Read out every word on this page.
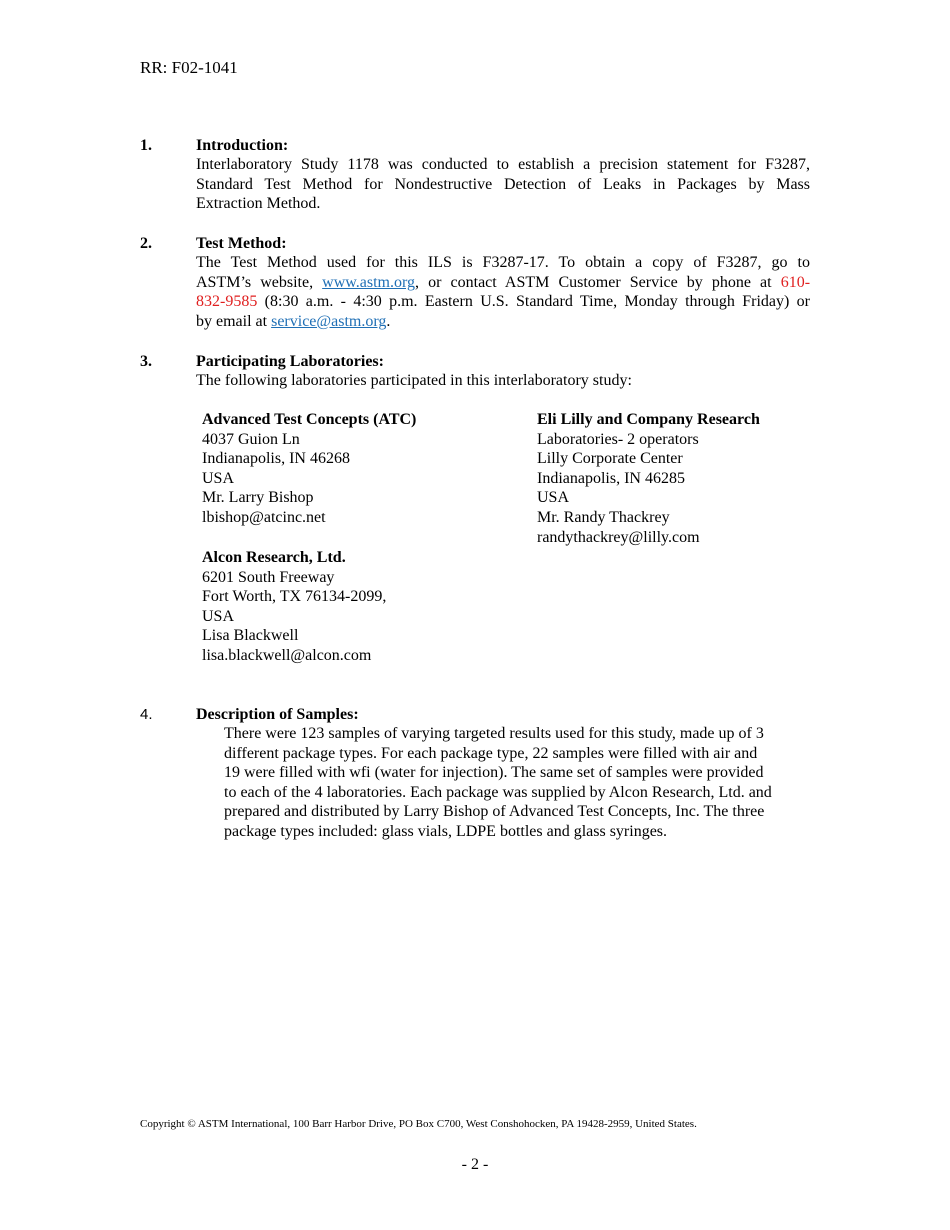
RR: F02-1041
1.	Introduction:
Interlaboratory Study 1178 was conducted to establish a precision statement for F3287,
Standard Test Method for Nondestructive Detection of Leaks in Packages by Mass
Extraction Method.
2.	Test Method:
The Test Method used for this ILS is F3287-17. To obtain a copy of F3287, go to
ASTM’s website, www.astm.org, or contact ASTM Customer Service by phone at 610-
832-9585 (8:30 a.m. - 4:30 p.m. Eastern U.S. Standard Time, Monday through Friday) or
by email at service@astm.org.
3.	Participating Laboratories:
The following laboratories participated in this interlaboratory study:
Advanced Test Concepts (ATC)
4037 Guion Ln
Indianapolis, IN 46268
USA
Mr. Larry Bishop
lbishop@atcinc.net
Alcon Research, Ltd.
6201 South Freeway
Fort Worth, TX 76134-2099,
USA
Lisa Blackwell
lisa.blackwell@alcon.com
Eli Lilly and Company Research
Laboratories- 2 operators
Lilly Corporate Center
Indianapolis, IN 46285
USA
Mr. Randy Thackrey
randythackrey@lilly.com
4.	Description of Samples:
There were 123 samples of varying targeted results used for this study, made up of 3
different package types. For each package type, 22 samples were filled with air and
19 were filled with wfi (water for injection). The same set of samples were provided
to each of the 4 laboratories. Each package was supplied by Alcon Research, Ltd. and
prepared and distributed by Larry Bishop of Advanced Test Concepts, Inc. The three
package types included: glass vials, LDPE bottles and glass syringes.
Copyright © ASTM International, 100 Barr Harbor Drive, PO Box C700, West Conshohocken, PA 19428-2959, United States.
- 2 -
